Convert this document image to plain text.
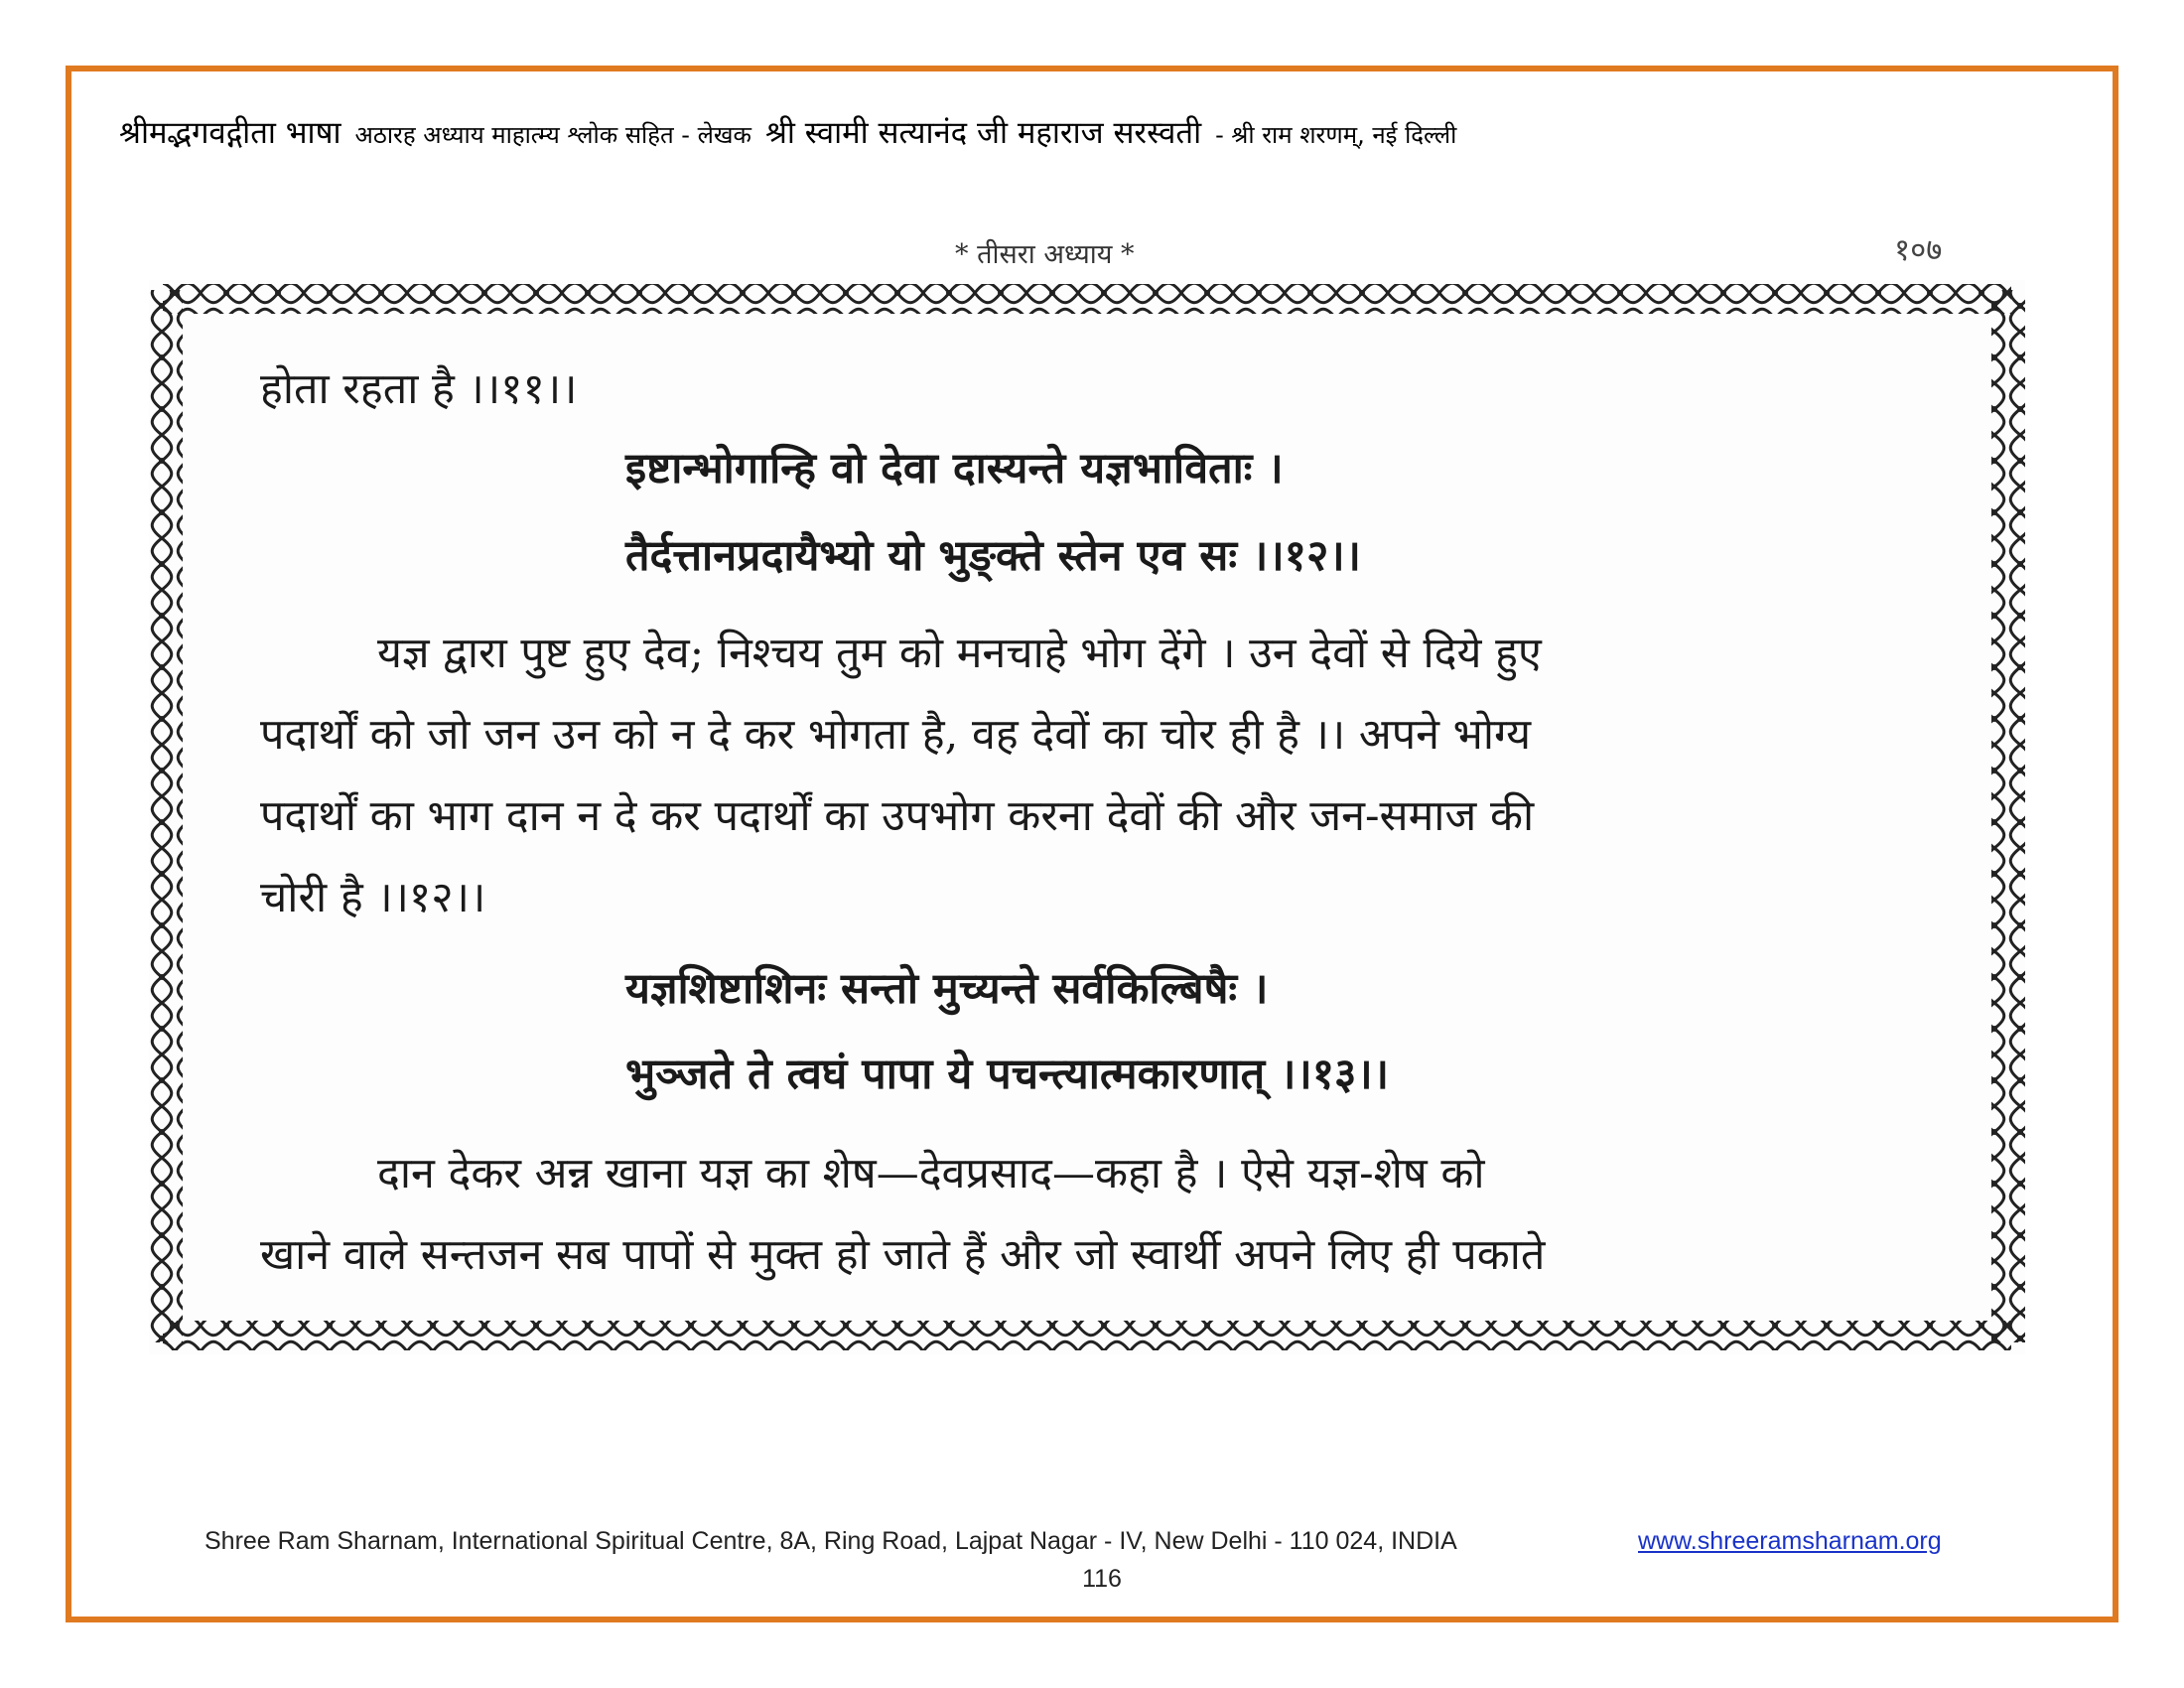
श्रीमद्भगवद्गीता भाषा अठारह अध्याय माहात्म्य श्लोक सहित - लेखक श्री स्वामी सत्यानंद जी महाराज सरस्वती - श्री राम शरणम्, नई दिल्ली
* तीसरा अध्याय *	१०७
होता रहता है ।।११।।
इष्टान्भोगान्हि वो देवा दास्यन्ते यज्ञभाविताः ।
तैर्दत्तानप्रदायैभ्यो यो भुङ्क्ते स्तेन एव सः ।।१२।।
यज्ञ द्वारा पुष्ट हुए देव; निश्चय तुम को मनचाहे भोग देंगे । उन देवों से दिये हुए
पदार्थों को जो जन उन को न दे कर भोगता है, वह देवों का चोर ही है ।। अपने भोग्य
पदार्थों का भाग दान न दे कर पदार्थों का उपभोग करना देवों की और जन-समाज की
चोरी है ।।१२।।
यज्ञशिष्टाशिनः सन्तो मुच्यन्ते सर्वकिल्बिषैः ।
भुञ्जते ते त्वघं पापा ये पचन्त्यात्मकारणात् ।।१३।।
दान देकर अन्न खाना यज्ञ का शेष—देवप्रसाद—कहा है । ऐसे यज्ञ-शेष को
खाने वाले सन्तजन सब पापों से मुक्त हो जाते हैं और जो स्वार्थी अपने लिए ही पकाते
Shree Ram Sharnam, International Spiritual Centre, 8A, Ring Road, Lajpat Nagar - IV, New Delhi - 110 024, INDIA	www.shreeramsharnam.org
116
